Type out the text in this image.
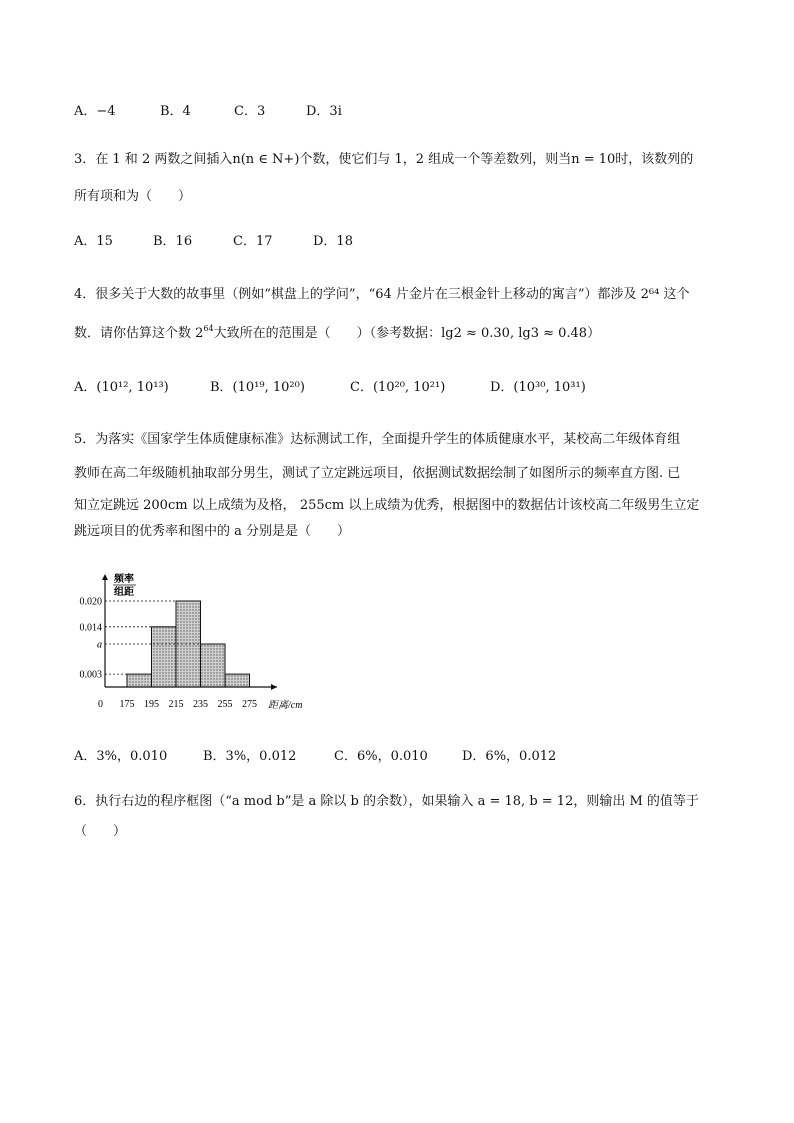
A．−4	B．4	C．3	D．3i
3．在 1 和 2 两数之间插入n(n ∈ N+)个数，使它们与 1，2 组成一个等差数列，则当n = 10时，该数列的
所有项和为（　　）
A．15	B．16	C．17	D．18
4．很多关于大数的故事里（例如“棋盘上的学问”，“64 片金片在三根金针上移动的寓言”）都涉及 2⁶⁴ 这个
数．请你估算这个数 $2^{64}$大致所在的范围是（　　）（参考数据：lg2 ≈ 0.30, lg3 ≈ 0.48）
A．(10¹², 10¹³)	B．(10¹⁹, 10²⁰)	C．(10²⁰, 10²¹)	D．(10³⁰, 10³¹)
5．为落实《国家学生体质健康标准》达标测试工作，全面提升学生的体质健康水平，某校高二年级体育组
教师在高二年级随机抽取部分男生，测试了立定跳远项目，依据测试数据绘制了如图所示的频率直方图. 已
知立定跳远 200cm 以上成绩为及格， 255cm 以上成绩为优秀，根据图中的数据估计该校高二年级男生立定
跳远项目的优秀率和图中的 a 分别是是（　　）
0.020
0.014
a
0.003
频率
组距
0	距离/cm
175 195 215 235 255 275
A．3%，0.010	B．3%，0.012	C．6%，0.010	D．6%，0.012
6．执行右边的程序框图（“a mod b”是 a 除以 b 的余数），如果输入 a = 18, b = 12，则输出 M 的值等于
（　　）
